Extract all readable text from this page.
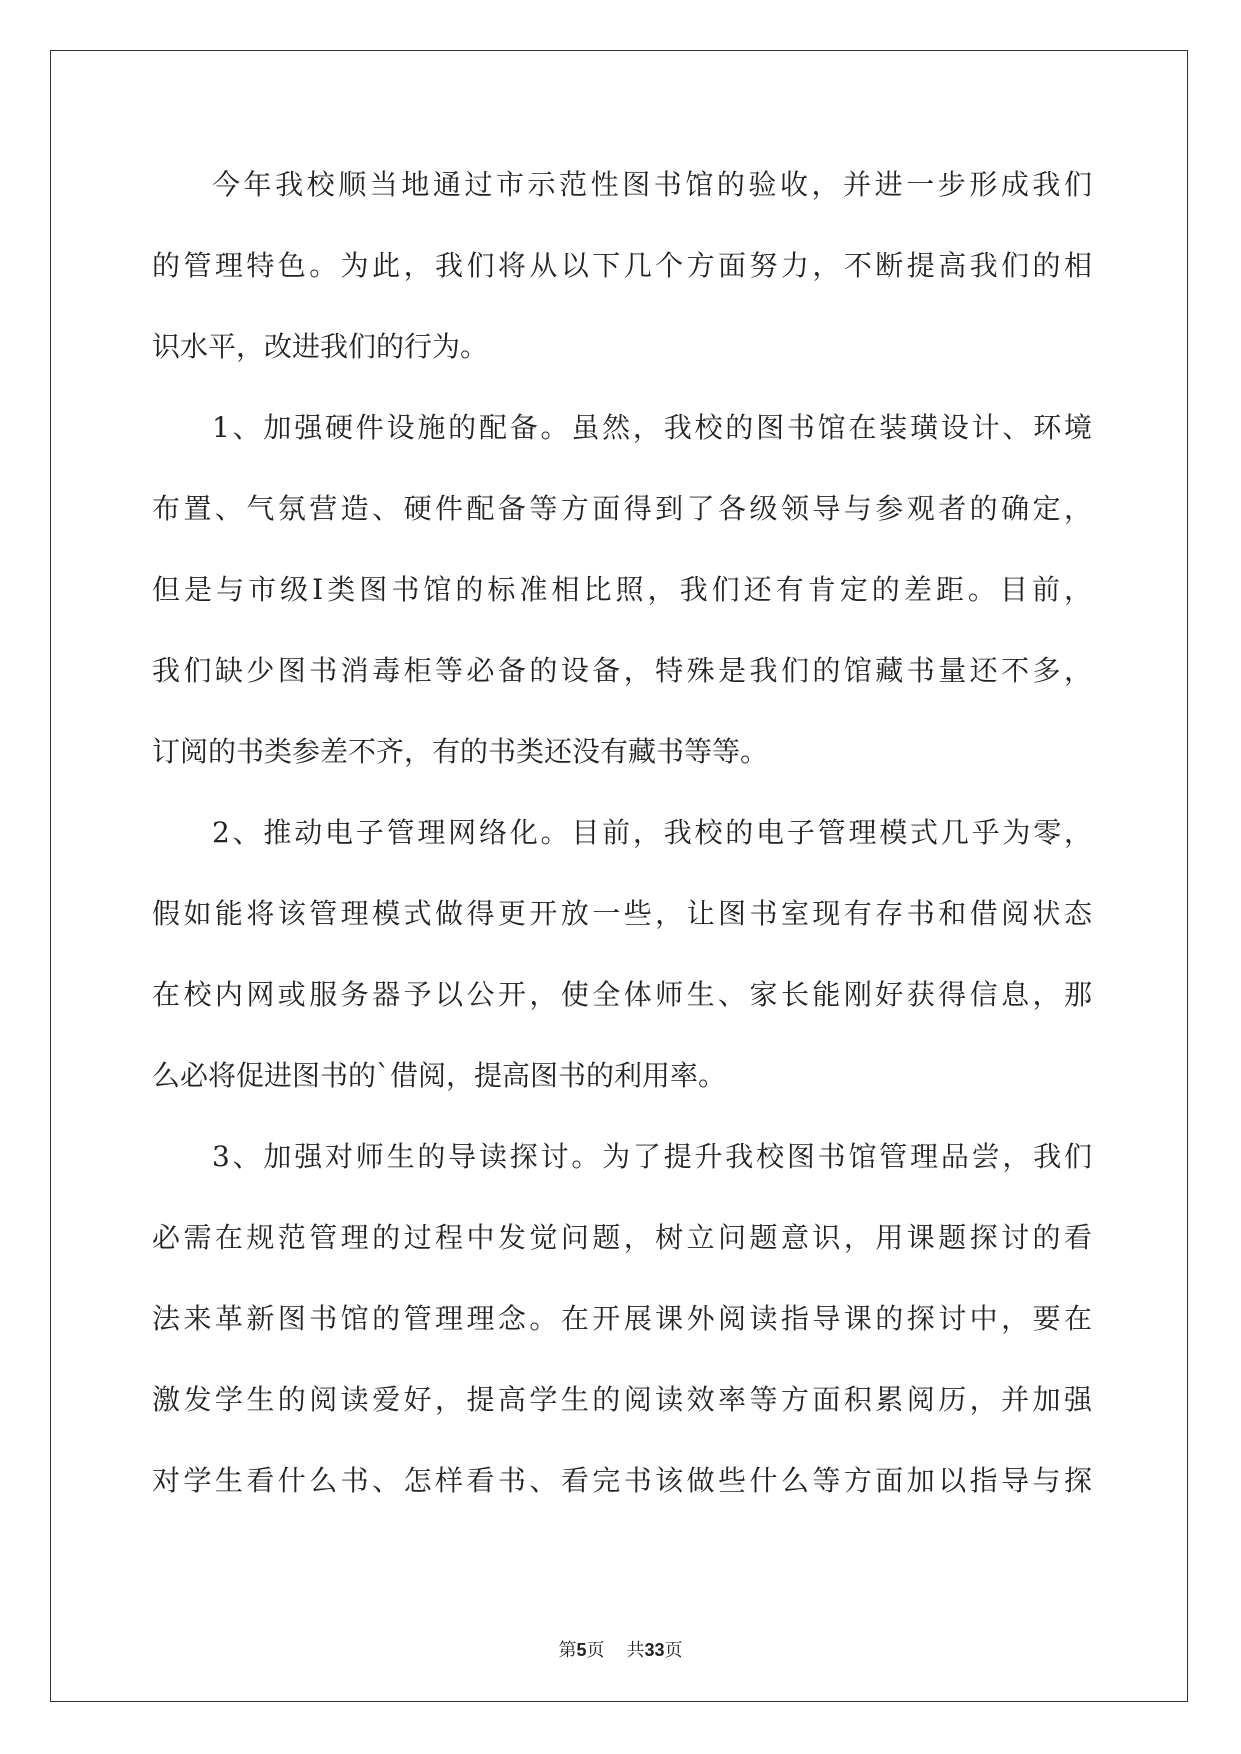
今年我校顺当地通过市示范性图书馆的验收，并进一步形成我们
的管理特色。为此，我们将从以下几个方面努力，不断提高我们的相
识水平，改进我们的行为。
1、加强硬件设施的配备。虽然，我校的图书馆在装璜设计、环境
布置、气氛营造、硬件配备等方面得到了各级领导与参观者的确定，
但是与市级Ⅰ类图书馆的标准相比照，我们还有肯定的差距。目前，
我们缺少图书消毒柜等必备的设备，特殊是我们的馆藏书量还不多，
订阅的书类参差不齐，有的书类还没有藏书等等。
2、推动电子管理网络化。目前，我校的电子管理模式几乎为零，
假如能将该管理模式做得更开放一些，让图书室现有存书和借阅状态
在校内网或服务器予以公开，使全体师生、家长能刚好获得信息，那
么必将促进图书的`借阅，提高图书的利用率。
3、加强对师生的导读探讨。为了提升我校图书馆管理品尝，我们
必需在规范管理的过程中发觉问题，树立问题意识，用课题探讨的看
法来革新图书馆的管理理念。在开展课外阅读指导课的探讨中，要在
激发学生的阅读爱好，提高学生的阅读效率等方面积累阅历，并加强
对学生看什么书、怎样看书、看完书该做些什么等方面加以指导与探
第5页 共33页
